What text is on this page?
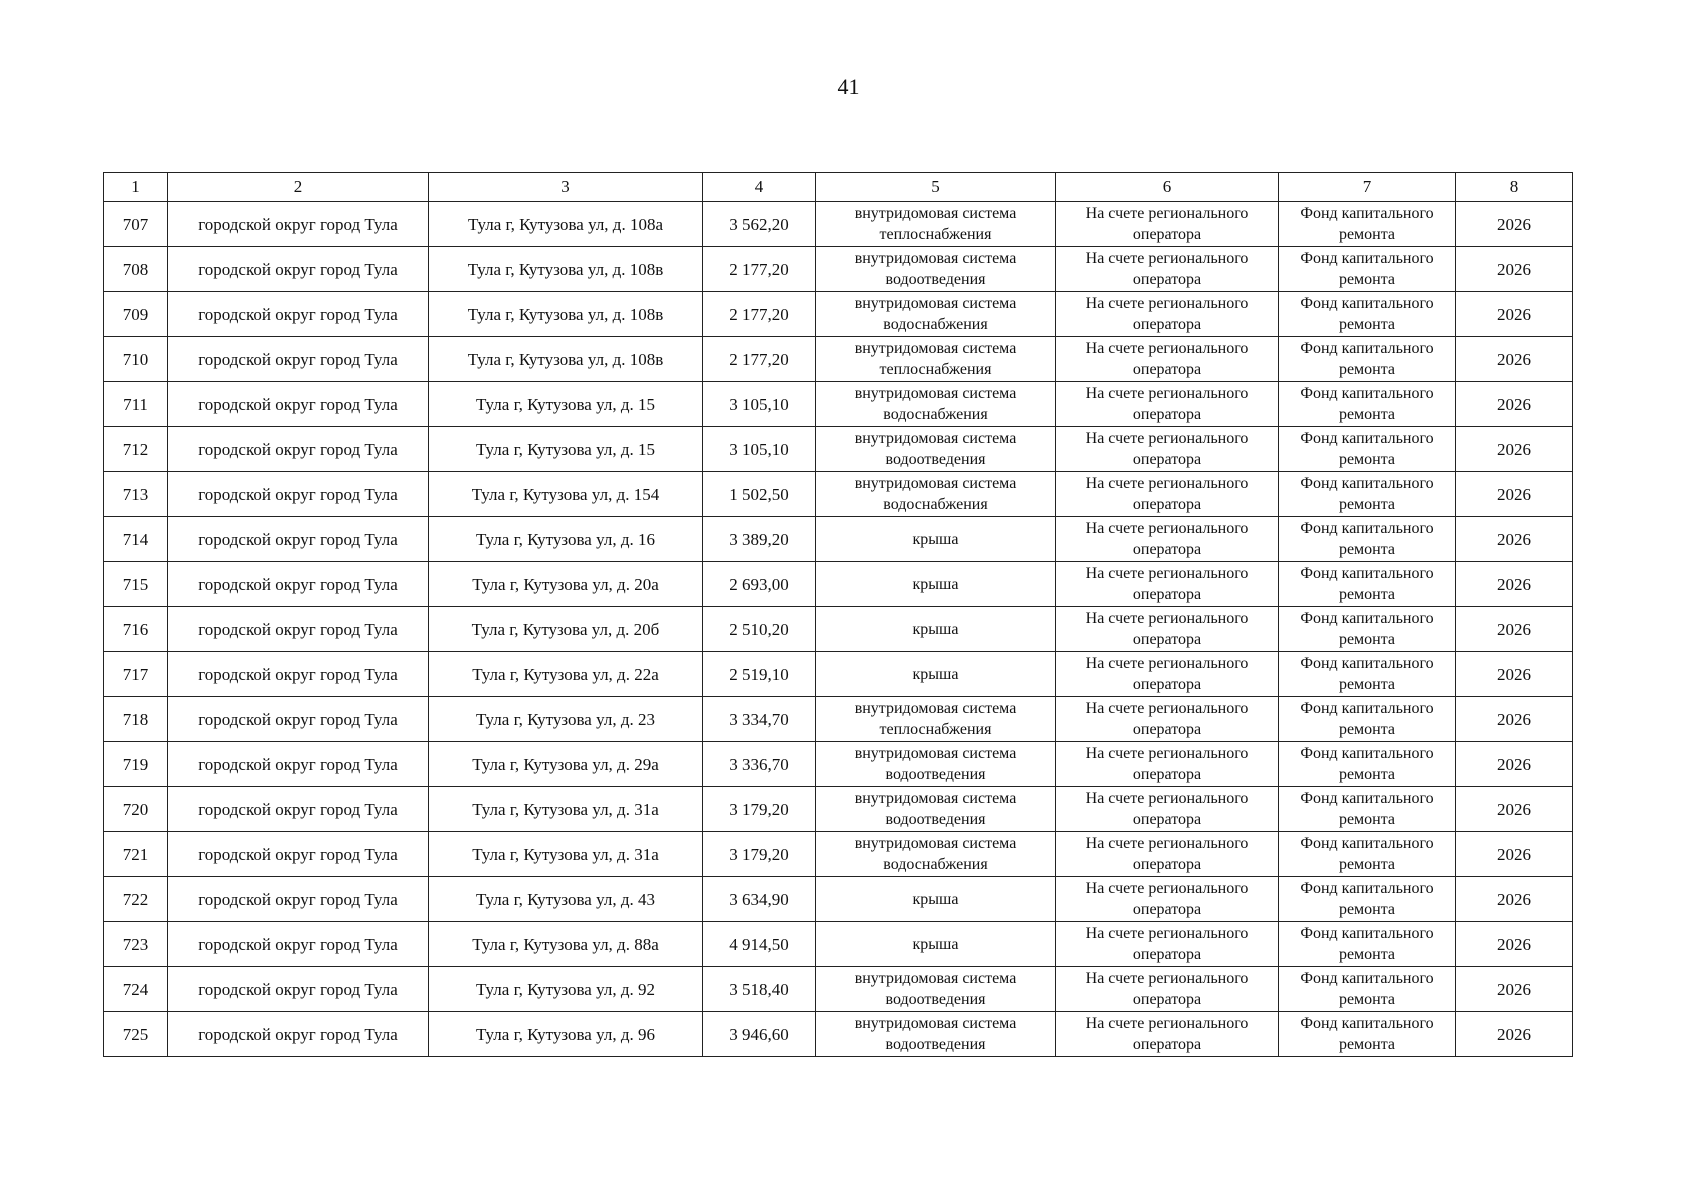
41
1	2	3	4	5	6	7	8
707	городской округ город Тула	Тула г, Кутузова ул, д. 108а	3 562,20	внутридомовая система теплоснабжения	На счете регионального оператора	Фонд капитального ремонта	2026
708	городской округ город Тула	Тула г, Кутузова ул, д. 108в	2 177,20	внутридомовая система водоотведения	На счете регионального оператора	Фонд капитального ремонта	2026
709	городской округ город Тула	Тула г, Кутузова ул, д. 108в	2 177,20	внутридомовая система водоснабжения	На счете регионального оператора	Фонд капитального ремонта	2026
710	городской округ город Тула	Тула г, Кутузова ул, д. 108в	2 177,20	внутридомовая система теплоснабжения	На счете регионального оператора	Фонд капитального ремонта	2026
711	городской округ город Тула	Тула г, Кутузова ул, д. 15	3 105,10	внутридомовая система водоснабжения	На счете регионального оператора	Фонд капитального ремонта	2026
712	городской округ город Тула	Тула г, Кутузова ул, д. 15	3 105,10	внутридомовая система водоотведения	На счете регионального оператора	Фонд капитального ремонта	2026
713	городской округ город Тула	Тула г, Кутузова ул, д. 154	1 502,50	внутридомовая система водоснабжения	На счете регионального оператора	Фонд капитального ремонта	2026
714	городской округ город Тула	Тула г, Кутузова ул, д. 16	3 389,20	крыша	На счете регионального оператора	Фонд капитального ремонта	2026
715	городской округ город Тула	Тула г, Кутузова ул, д. 20а	2 693,00	крыша	На счете регионального оператора	Фонд капитального ремонта	2026
716	городской округ город Тула	Тула г, Кутузова ул, д. 20б	2 510,20	крыша	На счете регионального оператора	Фонд капитального ремонта	2026
717	городской округ город Тула	Тула г, Кутузова ул, д. 22а	2 519,10	крыша	На счете регионального оператора	Фонд капитального ремонта	2026
718	городской округ город Тула	Тула г, Кутузова ул, д. 23	3 334,70	внутридомовая система теплоснабжения	На счете регионального оператора	Фонд капитального ремонта	2026
719	городской округ город Тула	Тула г, Кутузова ул, д. 29а	3 336,70	внутридомовая система водоотведения	На счете регионального оператора	Фонд капитального ремонта	2026
720	городской округ город Тула	Тула г, Кутузова ул, д. 31а	3 179,20	внутридомовая система водоотведения	На счете регионального оператора	Фонд капитального ремонта	2026
721	городской округ город Тула	Тула г, Кутузова ул, д. 31а	3 179,20	внутридомовая система водоснабжения	На счете регионального оператора	Фонд капитального ремонта	2026
722	городской округ город Тула	Тула г, Кутузова ул, д. 43	3 634,90	крыша	На счете регионального оператора	Фонд капитального ремонта	2026
723	городской округ город Тула	Тула г, Кутузова ул, д. 88а	4 914,50	крыша	На счете регионального оператора	Фонд капитального ремонта	2026
724	городской округ город Тула	Тула г, Кутузова ул, д. 92	3 518,40	внутридомовая система водоотведения	На счете регионального оператора	Фонд капитального ремонта	2026
725	городской округ город Тула	Тула г, Кутузова ул, д. 96	3 946,60	внутридомовая система водоотведения	На счете регионального оператора	Фонд капитального ремонта	2026
